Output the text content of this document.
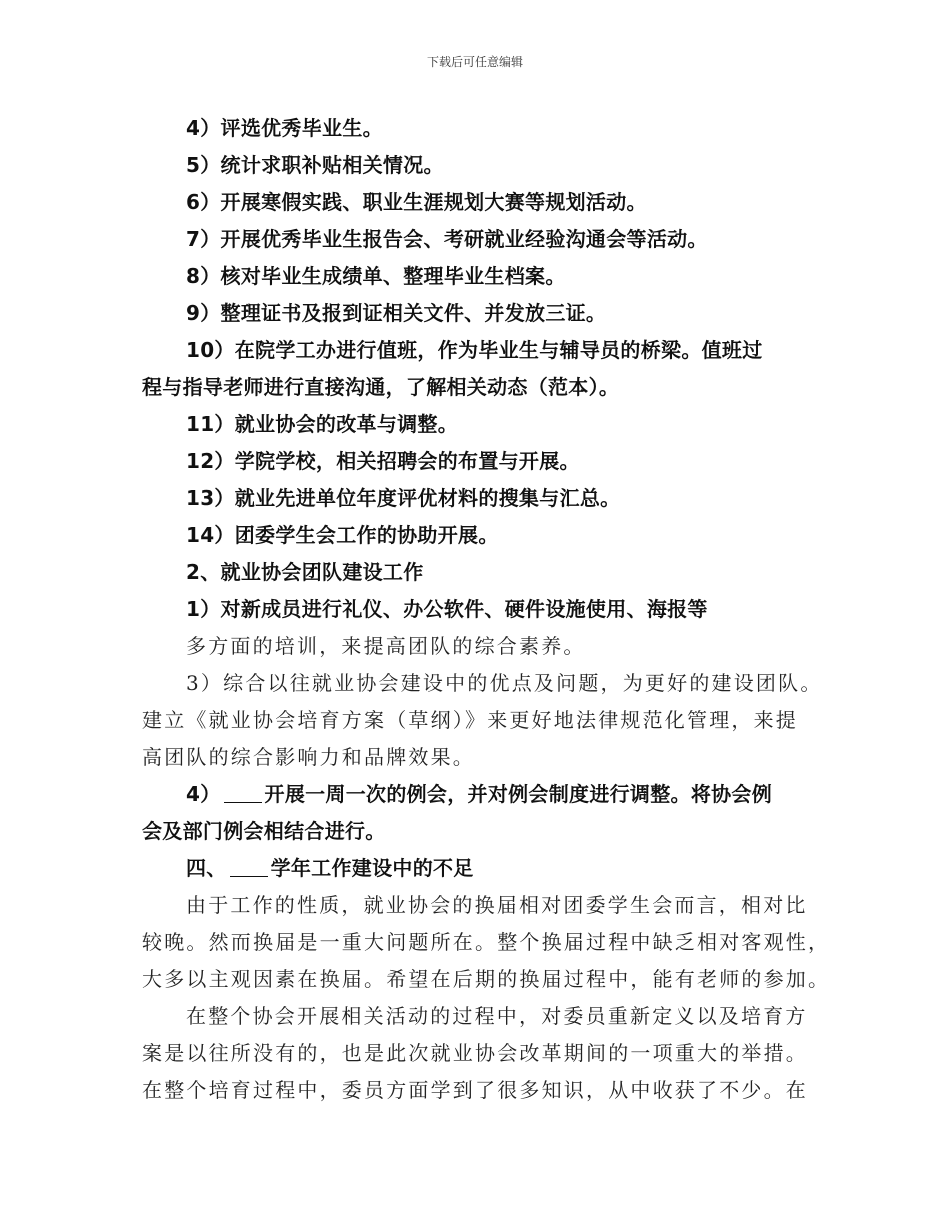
下载后可任意编辑
4）评选优秀毕业生。
5）统计求职补贴相关情况。
6）开展寒假实践、职业生涯规划大赛等规划活动。
7）开展优秀毕业生报告会、考研就业经验沟通会等活动。
8）核对毕业生成绩单、整理毕业生档案。
9）整理证书及报到证相关文件、并发放三证。
10）在院学工办进行值班，作为毕业生与辅导员的桥梁。值班过
程与指导老师进行直接沟通，了解相关动态（范本）。
11）就业协会的改革与调整。
12）学院学校，相关招聘会的布置与开展。
13）就业先进单位年度评优材料的搜集与汇总。
14）团委学生会工作的协助开展。
2、就业协会团队建设工作
1）对新成员进行礼仪、办公软件、硬件设施使用、海报等
多方面的培训，来提高团队的综合素养。
3）综合以往就业协会建设中的优点及问题，为更好的建设团队。
建立《就业协会培育方案（草纲）》来更好地法律规范化管理，来提
高团队的综合影响力和品牌效果。
4） 开展一周一次的例会，并对例会制度进行调整。将协会例
会及部门例会相结合进行。
四、 学年工作建设中的不足
由于工作的性质，就业协会的换届相对团委学生会而言，相对比
较晚。然而换届是一重大问题所在。整个换届过程中缺乏相对客观性，
大多以主观因素在换届。希望在后期的换届过程中，能有老师的参加。
在整个协会开展相关活动的过程中，对委员重新定义以及培育方
案是以往所没有的，也是此次就业协会改革期间的一项重大的举措。
在整个培育过程中，委员方面学到了很多知识，从中收获了不少。在
